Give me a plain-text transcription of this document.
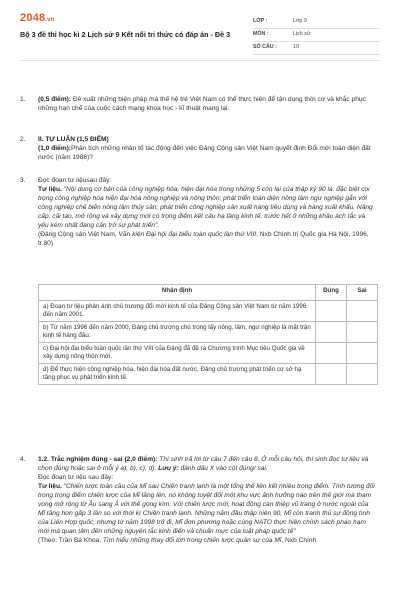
2048.vn
Bộ 3 đề thi học kì 2 Lịch sử 9 Kết nối tri thức có đáp án - Đề 3
LỚP :	Lớp 9
MÔN :	Lịch sử
SỐ CÂU :	10
1. (0,5 điểm): Đề xuất những biện pháp mà thế hệ trẻ Việt Nam có thể thực hiện để tận dụng thời cơ và khắc phục những hạn chế của cuộc cách mạng khoa học - kĩ thuật mang lại.
2. II. TỰ LUẬN (1,5 ĐIỂM)
(1,0 điểm):Phân tích những nhân tố tác động đến việc Đảng Cộng sản Việt Nam quyết định Đổi mới toàn diện đất nước (năm 1986)?
3. Đọc đoạn tư liệusau đây:
Tư liệu. "Nội dung cơ bản của công nghiệp hóa, hiện đại hóa trong những 5 còn lại của thập kỷ 90 là: đặc biệt coi trọng công nghiệp hóa hiện đại hóa nông nghiệp và nông thôn; phát triển toàn diện nông lâm ngư nghiệp gắn với công nghiệp chế biến nông lâm thủy sản; phát triển công nghiệp sản xuất hàng tiêu dùng và hàng xuất khẩu. Nâng cấp, cải tạo, mở rộng và xây dựng mới có trọng điểm kết cấu hạ tầng kinh tế, trước hết ở những khâu ách tắc và yếu kém nhất đang cản trở sự phát triển".
(Đảng Cộng sản Việt Nam, Văn kiện Đại hội đại biểu toàn quốc lần thứ VIII, Nxb Chính trị Quốc gia Hà Nội, 1996, tr.80)
Nhận định	Đúng	Sai
a) Đoạn tư liệu phản ánh chủ trương đổi mới kinh tế của Đảng Cộng sản Việt Nam từ năm 1996 đến năm 2001.		
b) Từ năm 1996 đến năm 2000, Đảng chủ trương chú trọng lấy nông, lâm, ngư nghiệp là mặt trận kinh tế hàng đầu.		
c) Đại hội đại biểu toàn quốc lần thứ VIII của Đảng đã đề ra Chương trình Mục tiêu Quốc gia về xây dựng nông thôn mới.		
d) Để thực hiện công nghiệp hóa, hiện đại hóa đất nước, Đảng chủ trương phát triển cơ sở hạ tầng phục vụ phát triển kinh tế.		
4. 1.2. Trắc nghiệm đúng - sai (2,0 điểm): Thí sinh trả lời từ câu 7 đến câu 8. Ở mỗi câu hỏi, thí sinh đọc tư liệu và chọn đúng hoặc sai ở mỗi ý a), b), c), d). Lưu ý: đánh dấu X vào cột đúng/ sai.
Đọc đoạn tư liệu sau đây:
Tư liệu. "Chiến lược toàn cầu của Mĩ sau Chiến tranh lạnh là một tổng thể liên kết nhiều trọng điểm. Tính tương đối trong trọng điểm chiến lược của Mĩ tăng lên, nó không tuyệt đối một khu vực ảnh hưởng nào trên thế giới mà tham vọng mở rộng từ Âu sang Á với thế gọng kìm. Với chiến lược mới, hoạt động can thiệp vũ trang ở nước ngoài của Mĩ tăng hơn gấp 3 lần so với thời kì Chiến tranh lạnh. Những năm đầu thập niên 90, Mĩ còn tranh thủ sự đồng tình của Liên Hợp quốc, nhưng từ năm 1998 trở đi, Mĩ đơn phương hoặc cùng NATO thực hiện chính sách pháo hạm mới mà quan tâm đến những nguyên tắc kinh điển và chuẩn mực của luật pháp quốc tế"
(Theo: Trần Bá Khoa, Tìm hiểu những thay đổi lớn trong chiến lược quân sự của Mĩ, Nxb Chính
